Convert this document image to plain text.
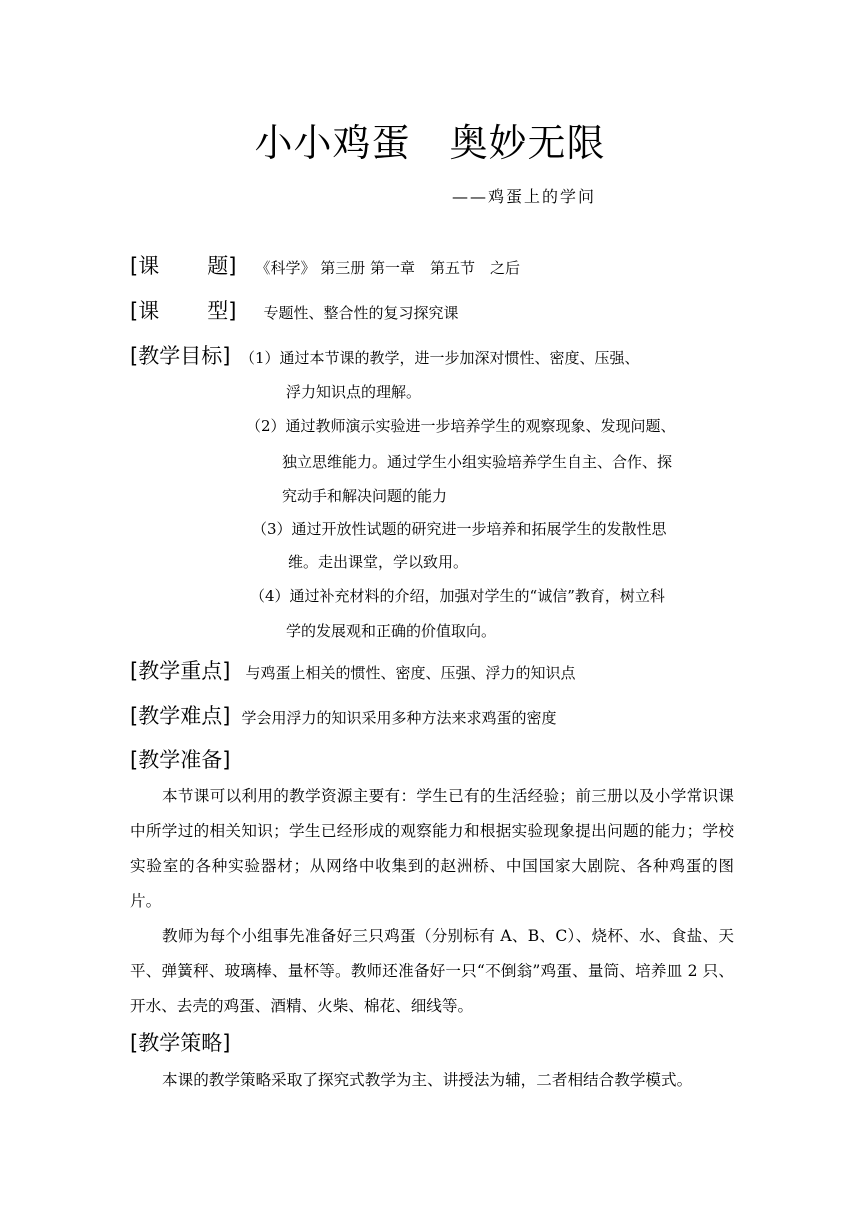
小小鸡蛋　奥妙无限
——鸡蛋上的学问
[课 题] 《科学》 第三册 第一章　第五节　之后
[课 型] 专题性、整合性的复习探究课
[教学目标] （1）通过本节课的教学，进一步加深对惯性、密度、压强、
浮力知识点的理解。
（2）通过教师演示实验进一步培养学生的观察现象、发现问题、
独立思维能力。通过学生小组实验培养学生自主、合作、探
究动手和解决问题的能力
（3）通过开放性试题的研究进一步培养和拓展学生的发散性思
维。走出课堂，学以致用。
（4）通过补充材料的介绍，加强对学生的“诚信”教育，树立科
学的发展观和正确的价值取向。
[教学重点] 与鸡蛋上相关的惯性、密度、压强、浮力的知识点
[教学难点] 学会用浮力的知识采用多种方法来求鸡蛋的密度
[教学准备]
本节课可以利用的教学资源主要有：学生已有的生活经验；前三册以及小学常识课中所学过的相关知识；学生已经形成的观察能力和根据实验现象提出问题的能力；学校实验室的各种实验器材；从网络中收集到的赵洲桥、中国国家大剧院、各种鸡蛋的图片。
教师为每个小组事先准备好三只鸡蛋（分别标有 A、B、C）、烧杯、水、食盐、天平、弹簧秤、玻璃棒、量杯等。教师还准备好一只“不倒翁”鸡蛋、量筒、培养皿 2 只、开水、去壳的鸡蛋、酒精、火柴、棉花、细线等。
[教学策略]
本课的教学策略采取了探究式教学为主、讲授法为辅，二者相结合教学模式。
